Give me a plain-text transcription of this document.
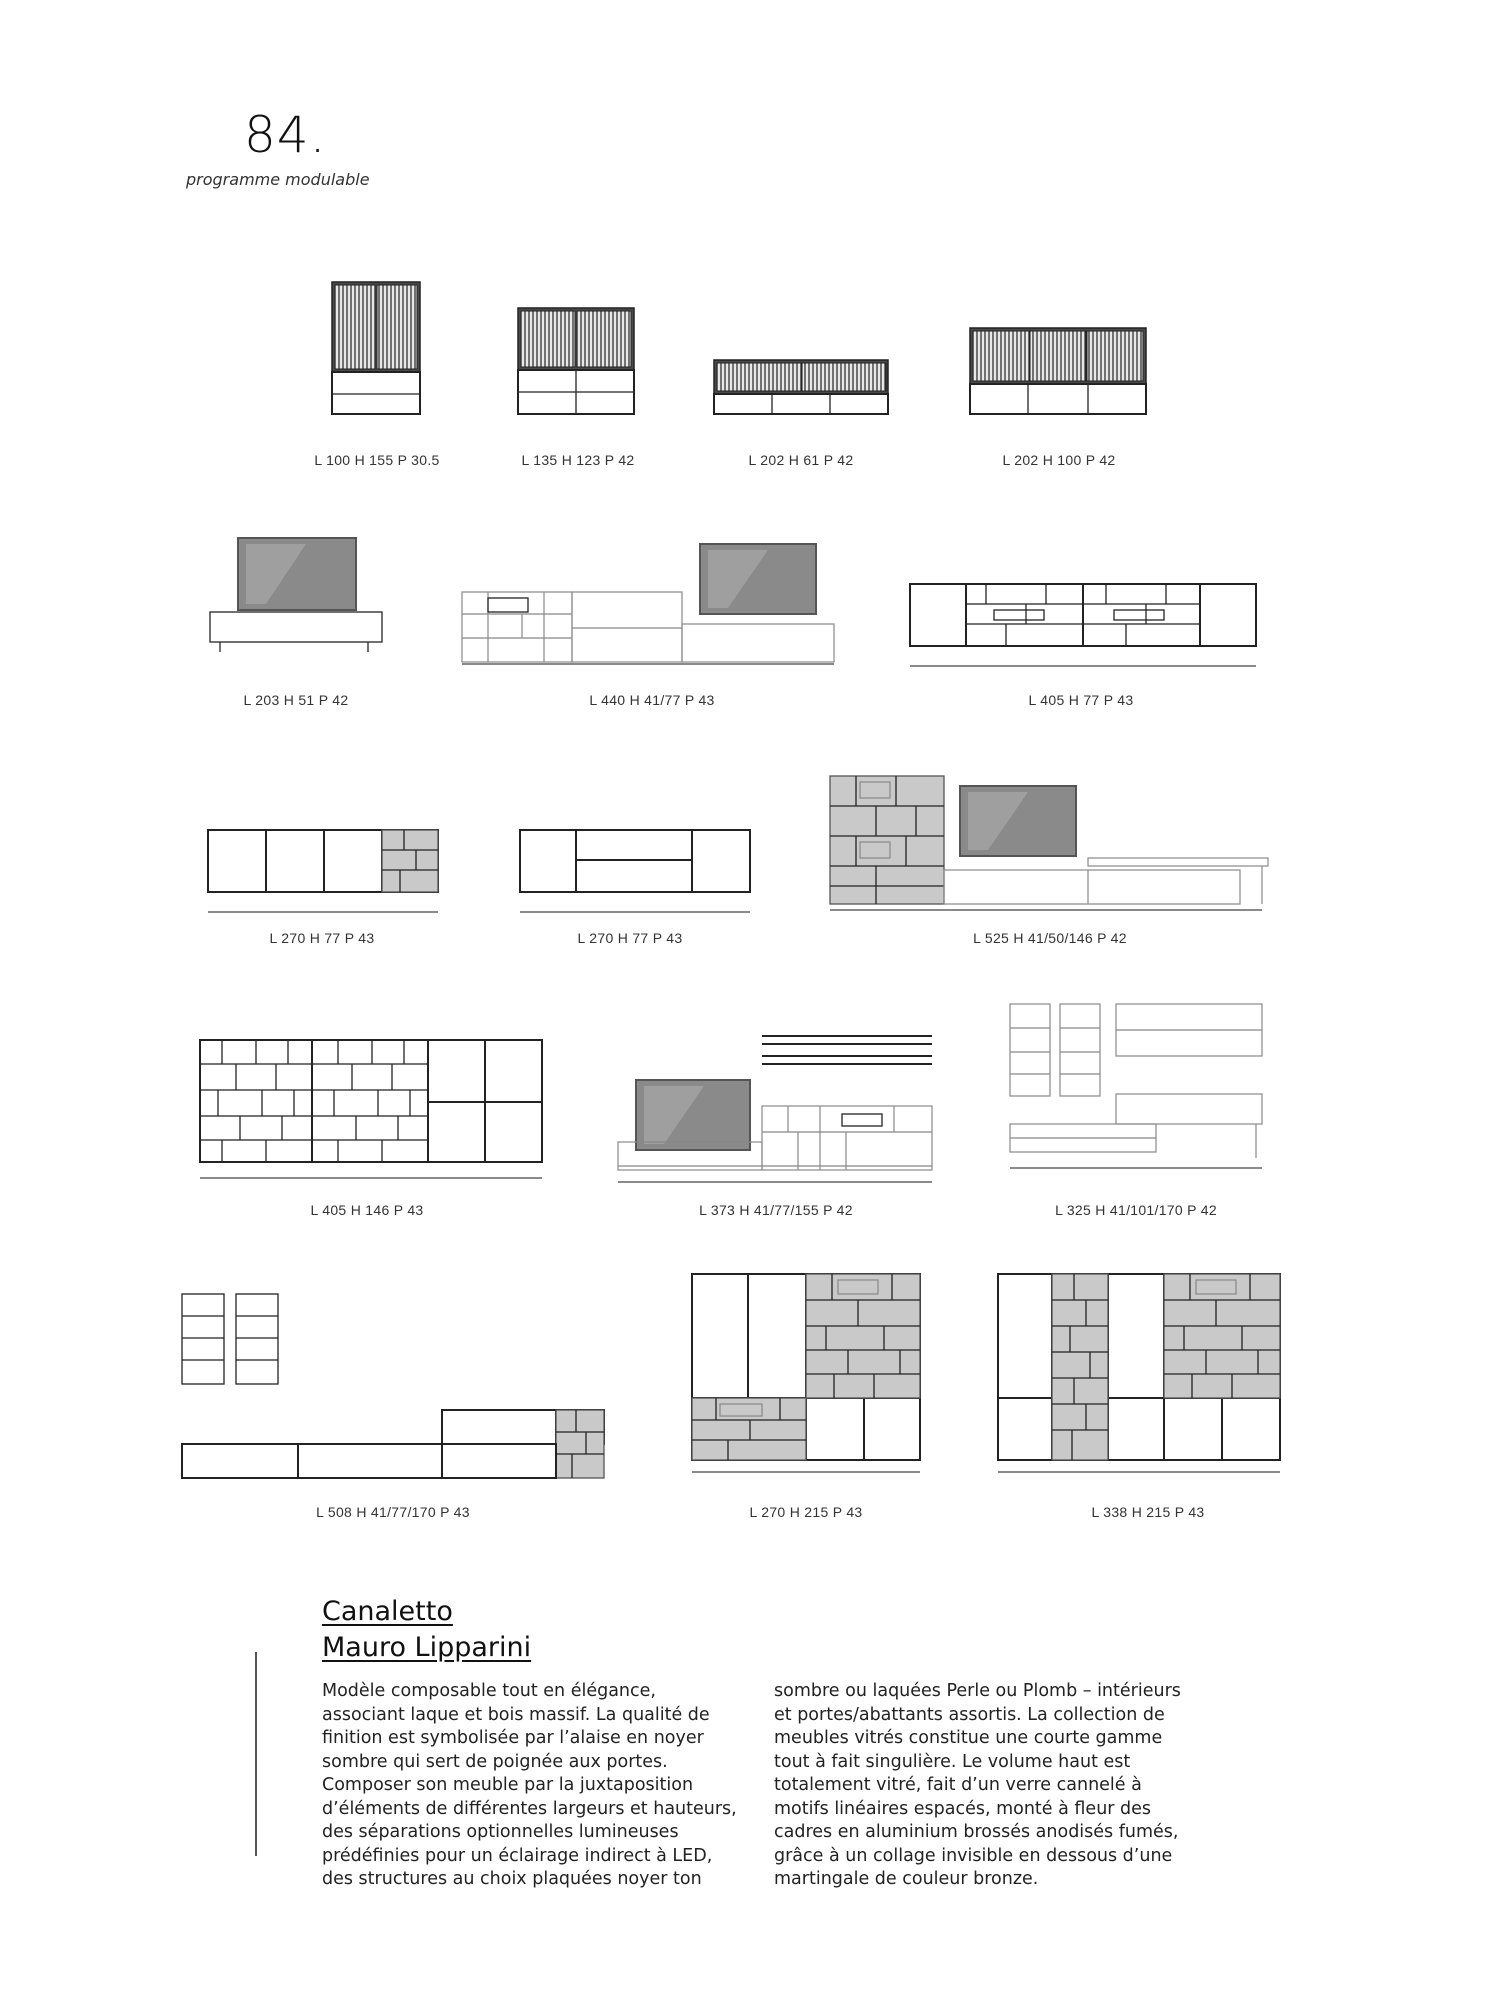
84.
programme modulable
L 100 H 155 P 30.5	L 135 H 123 P 42	L 202 H 61 P 42	L 202 H 100 P 42
L 203 H 51 P 42	L 440 H 41/77 P 43	L 405 H 77 P 43
L 270 H 77 P 43	L 270 H 77 P 43	L 525 H 41/50/146 P 42
L 405 H 146 P 43	L 373 H 41/77/155 P 42	L 325 H 41/101/170 P 42
L 508 H 41/77/170 P 43	L 270 H 215 P 43	L 338 H 215 P 43
Canaletto
Mauro Lipparini
Modèle composable tout en élégance, associant laque et bois massif. La qualité de finition est symbolisée par l’alaise en noyer sombre qui sert de poignée aux portes. Composer son meuble par la juxtaposition d’éléments de différentes largeurs et hauteurs, des séparations optionnelles lumineuses prédéfinies pour un éclairage indirect à LED, des structures au choix plaquées noyer ton
sombre ou laquées Perle ou Plomb – intérieurs et portes/abattants assortis. La collection de meubles vitrés constitue une courte gamme tout à fait singulière. Le volume haut est totalement vitré, fait d’un verre cannelé à motifs linéaires espacés, monté à fleur des cadres en aluminium brossés anodisés fumés, grâce à un collage invisible en dessous d’une martingale de couleur bronze.
